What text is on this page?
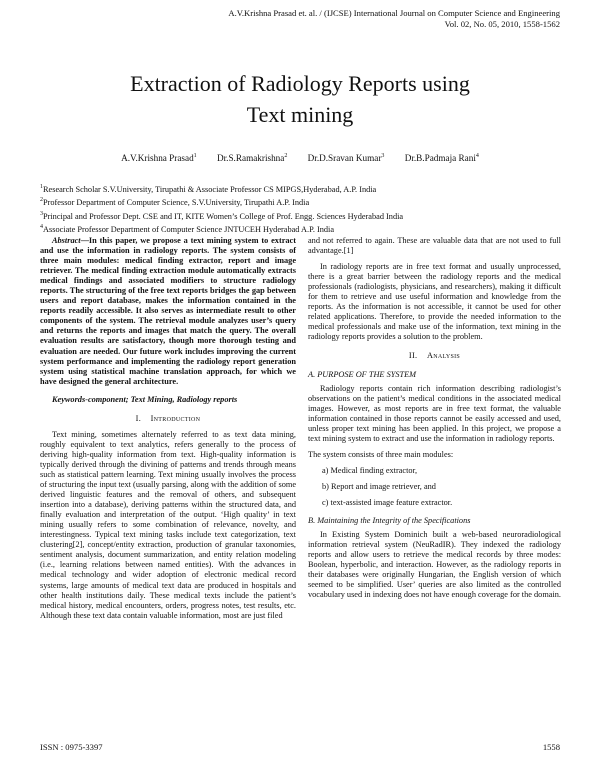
A.V.Krishna Prasad et. al. / (IJCSE) International Journal on Computer Science and Engineering
Vol. 02, No. 05, 2010, 1558-1562
Extraction of Radiology Reports using
Text mining
A.V.Krishna Prasad$^1$ Dr.S.Ramakrishna$^2$ Dr.D.Sravan Kumar$^3$ Dr.B.Padmaja Rani$^4$
$^1$Research Scholar S.V.University, Tirupathi & Associate Professor CS MIPGS,Hyderabad, A.P. India
$^2$Professor Department of Computer Science, S.V.University, Tirupathi A.P. India
$^3$Principal and Professor Dept. CSE and IT, KITE Women’s College of Prof. Engg. Sciences Hyderabad India
$^4$Associate Professor Department of Computer Science JNTUCEH Hyderabad A.P. India

Abstract—In this paper, we propose a text mining system to extract and use the information in radiology reports. The system consists of three main modules: medical finding extractor, report and image retriever. The medical finding extraction module automatically extracts medical findings and associated modifiers to structure radiology reports. The structuring of the free text reports bridges the gap between users and report database, makes the information contained in the reports readily accessible. It also serves as intermediate result to other components of the system. The retrieval module analyzes user’s query and returns the reports and images that match the query. The overall evaluation results are satisfactory, though more thorough testing and evaluation are needed. Our future work includes improving the current system performance and implementing the radiology report generation system using statistical machine translation approach, for which we have designed the general architecture.

Keywords-component; Text Mining, Radiology reports

I. Introduction

Text mining, sometimes alternately referred to as text data mining, roughly equivalent to text analytics, refers generally to the process of deriving high-quality information from text. High-quality information is typically derived through the divining of patterns and trends through means such as statistical pattern learning. Text mining usually involves the process of structuring the input text (usually parsing, along with the addition of some derived linguistic features and the removal of others, and subsequent insertion into a database), deriving patterns within the structured data, and finally evaluation and interpretation of the output. ‘High quality’ in text mining usually refers to some combination of relevance, novelty, and interestingness. Typical text mining tasks include text categorization, text clustering[2], concept/entity extraction, production of granular taxonomies, sentiment analysis, document summarization, and entity relation modeling (i.e., learning relations between named entities). With the advances in medical technology and wider adoption of electronic medical record systems, large amounts of medical text data are produced in hospitals and other health institutions daily. These medical texts include the patient’s medical history, medical encounters, orders, progress notes, test results, etc. Although these text data contain valuable information, most are just filed

and not referred to again. These are valuable data that are not used to full advantage.[1]

In radiology reports are in free text format and usually unprocessed, there is a great barrier between the radiology reports and the medical professionals (radiologists, physicians, and researchers), making it difficult for them to retrieve and use useful information and knowledge from the reports. As the information is not accessible, it cannot be used for other related applications. Therefore, to provide the needed information to the medical professionals and make use of the information, text mining in the radiology reports provides a solution to the problem.

II. Analysis
A. PURPOSE OF THE SYSTEM

Radiology reports contain rich information describing radiologist’s observations on the patient’s medical conditions in the associated medical images. However, as most reports are in free text format, the valuable information contained in those reports cannot be easily accessed and used, unless proper text mining has been applied. In this project, we propose a text mining system to extract and use the information in radiology reports.

The system consists of three main modules:

a) Medical finding extractor,
b) Report and image retriever, and
c) text-assisted image feature extractor.
B. Maintaining the Integrity of the Specifications

In Existing System Dominich built a web-based neuroradiological information retrieval system (NeuRadIR). They indexed the radiology reports and allow users to retrieve the medical records by three modes: Boolean, hyperbolic, and interaction. However, as the radiology reports in their databases were originally Hungarian, the English version of which seemed to be simplified. User’ queries are also limited as the controlled vocabulary used in indexing does not have enough coverage for the domain.

ISSN : 0975-3397	1558
